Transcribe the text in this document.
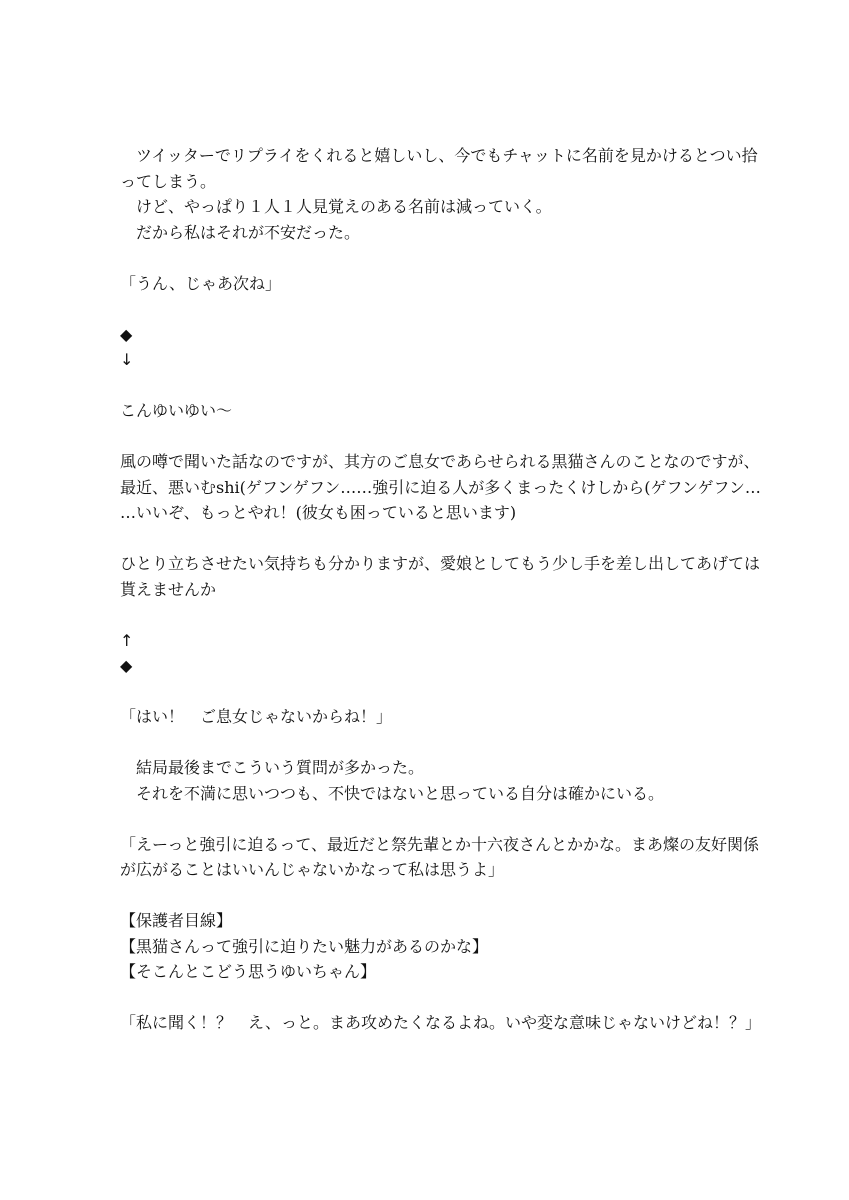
　ツイッターでリプライをくれると嬉しいし、今でもチャットに名前を見かけるとつい拾
ってしまう。
　けど、やっぱり１人１人見覚えのある名前は減っていく。
　だから私はそれが不安だった。
「うん、じゃあ次ね」
◆
↓
こんゆいゆい〜
風の噂で聞いた話なのですが、其方のご息女であらせられる黒猫さんのことなのですが、
最近、悪いむshi(ゲフンゲフン……強引に迫る人が多くまったくけしから(ゲフンゲフン…
…いいぞ、もっとやれ！(彼女も困っていると思います)
ひとり立ちさせたい気持ちも分かりますが、愛娘としてもう少し手を差し出してあげては
貰えませんか
↑
◆
「はい！　ご息女じゃないからね！」
　結局最後までこういう質問が多かった。
　それを不満に思いつつも、不快ではないと思っている自分は確かにいる。
「えーっと強引に迫るって、最近だと祭先輩とか十六夜さんとかかな。まあ燦の友好関係
が広がることはいいんじゃないかなって私は思うよ」
【保護者目線】
【黒猫さんって強引に迫りたい魅力があるのかな】
【そこんとこどう思うゆいちゃん】
「私に聞く！？　え、っと。まあ攻めたくなるよね。いや変な意味じゃないけどね！？」
